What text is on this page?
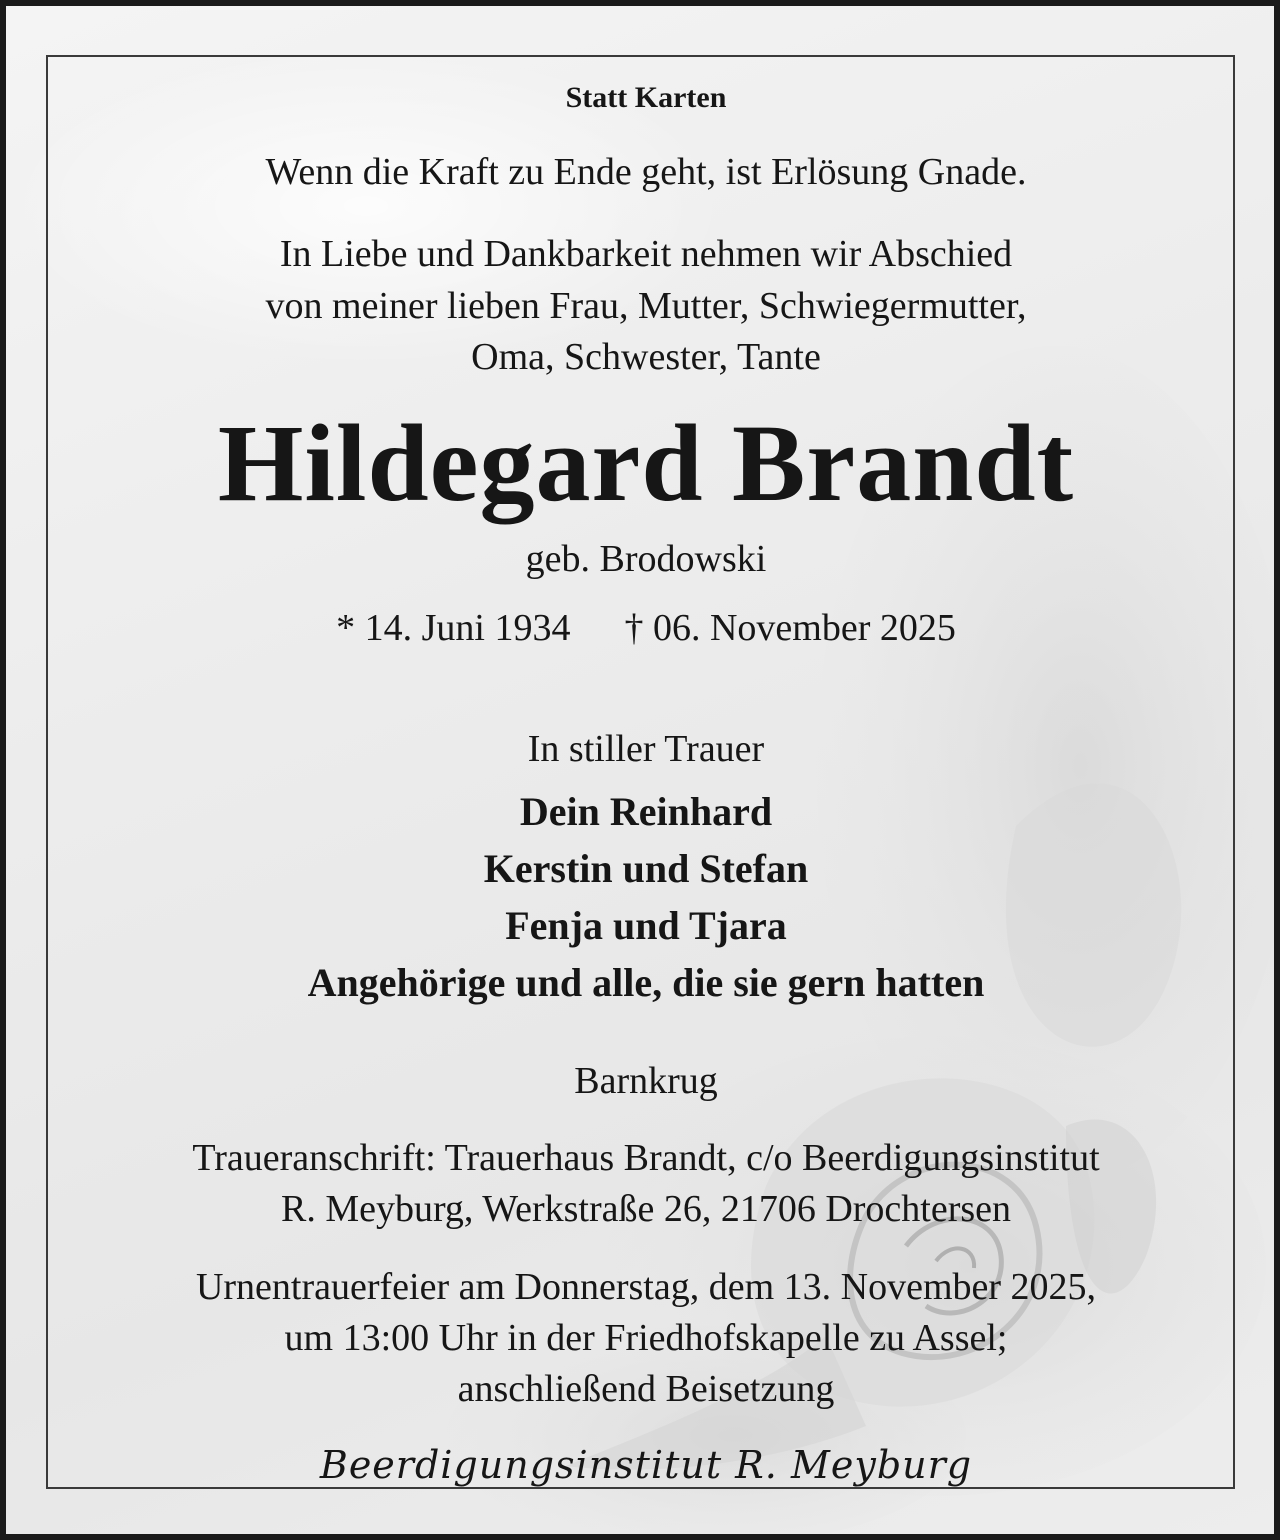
Statt Karten
Wenn die Kraft zu Ende geht, ist Erlösung Gnade.
In Liebe und Dankbarkeit nehmen wir Abschied
von meiner lieben Frau, Mutter, Schwiegermutter,
Oma, Schwester, Tante
Hildegard Brandt
geb. Brodowski
* 14. Juni 1934 † 06. November 2025
In stiller Trauer
Dein Reinhard
Kerstin und Stefan
Fenja und Tjara
Angehörige und alle, die sie gern hatten
Barnkrug
Traueranschrift: Trauerhaus Brandt, c/o Beerdigungsinstitut
R. Meyburg, Werkstraße 26, 21706 Drochtersen
Urnentrauerfeier am Donnerstag, dem 13. November 2025,
um 13:00 Uhr in der Friedhofskapelle zu Assel;
anschließend Beisetzung
Beerdigungsinstitut R. Meyburg
